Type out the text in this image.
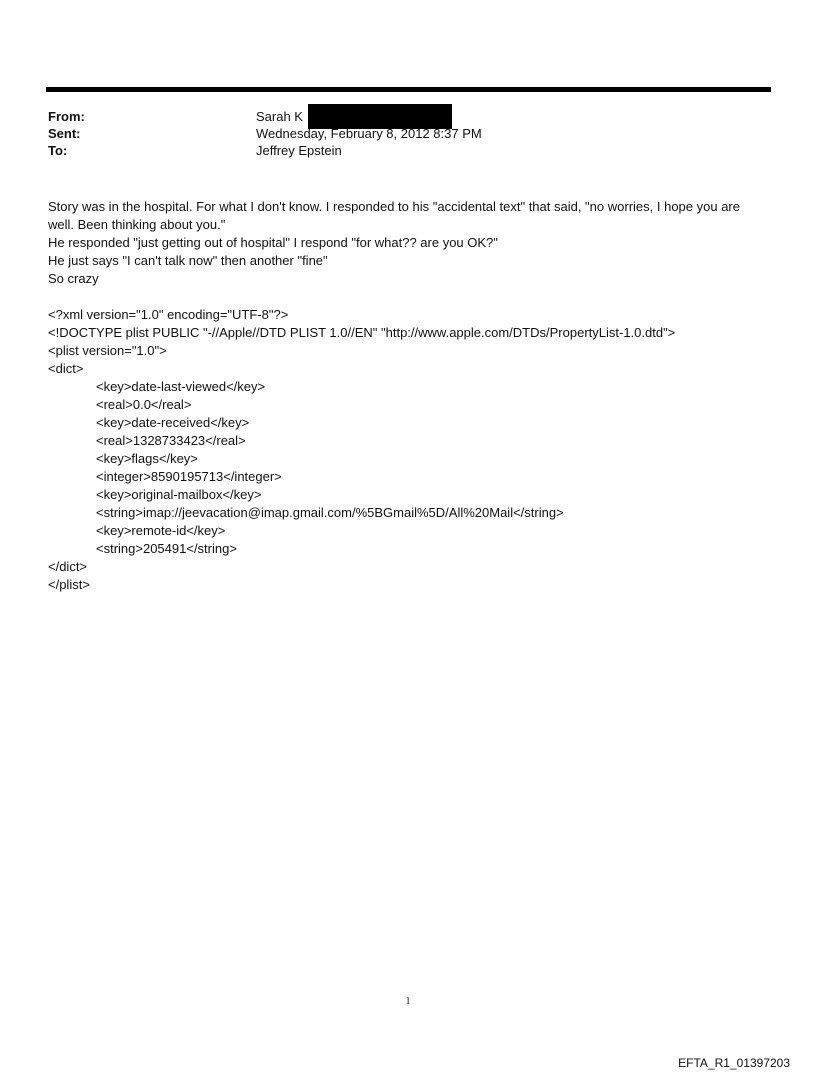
From:	Sarah K
Sent:	Wednesday, February 8, 2012 8:37 PM
To:	Jeffrey Epstein

Story was in the hospital. For what I don't know. I responded to his "accidental text" that said, "no worries, I hope you are well. Been thinking about you."

He responded "just getting out of hospital" I respond "for what?? are you OK?"

He just says "I can't talk now" then another "fine"

So crazy

<?xml version="1.0" encoding="UTF-8"?>
<!DOCTYPE plist PUBLIC "-//Apple//DTD PLIST 1.0//EN" "http://www.apple.com/DTDs/PropertyList-1.0.dtd">
<plist version="1.0">
<dict>
<key>date-last-viewed</key>
<real>0.0</real>
<key>date-received</key>
<real>1328733423</real>
<key>flags</key>
<integer>8590195713</integer>
<key>original-mailbox</key>
<string>imap://jeevacation@imap.gmail.com/%5BGmail%5D/All%20Mail</string>
<key>remote-id</key>
<string>205491</string>
</dict>
</plist>
1
EFTA_R1_01397203
